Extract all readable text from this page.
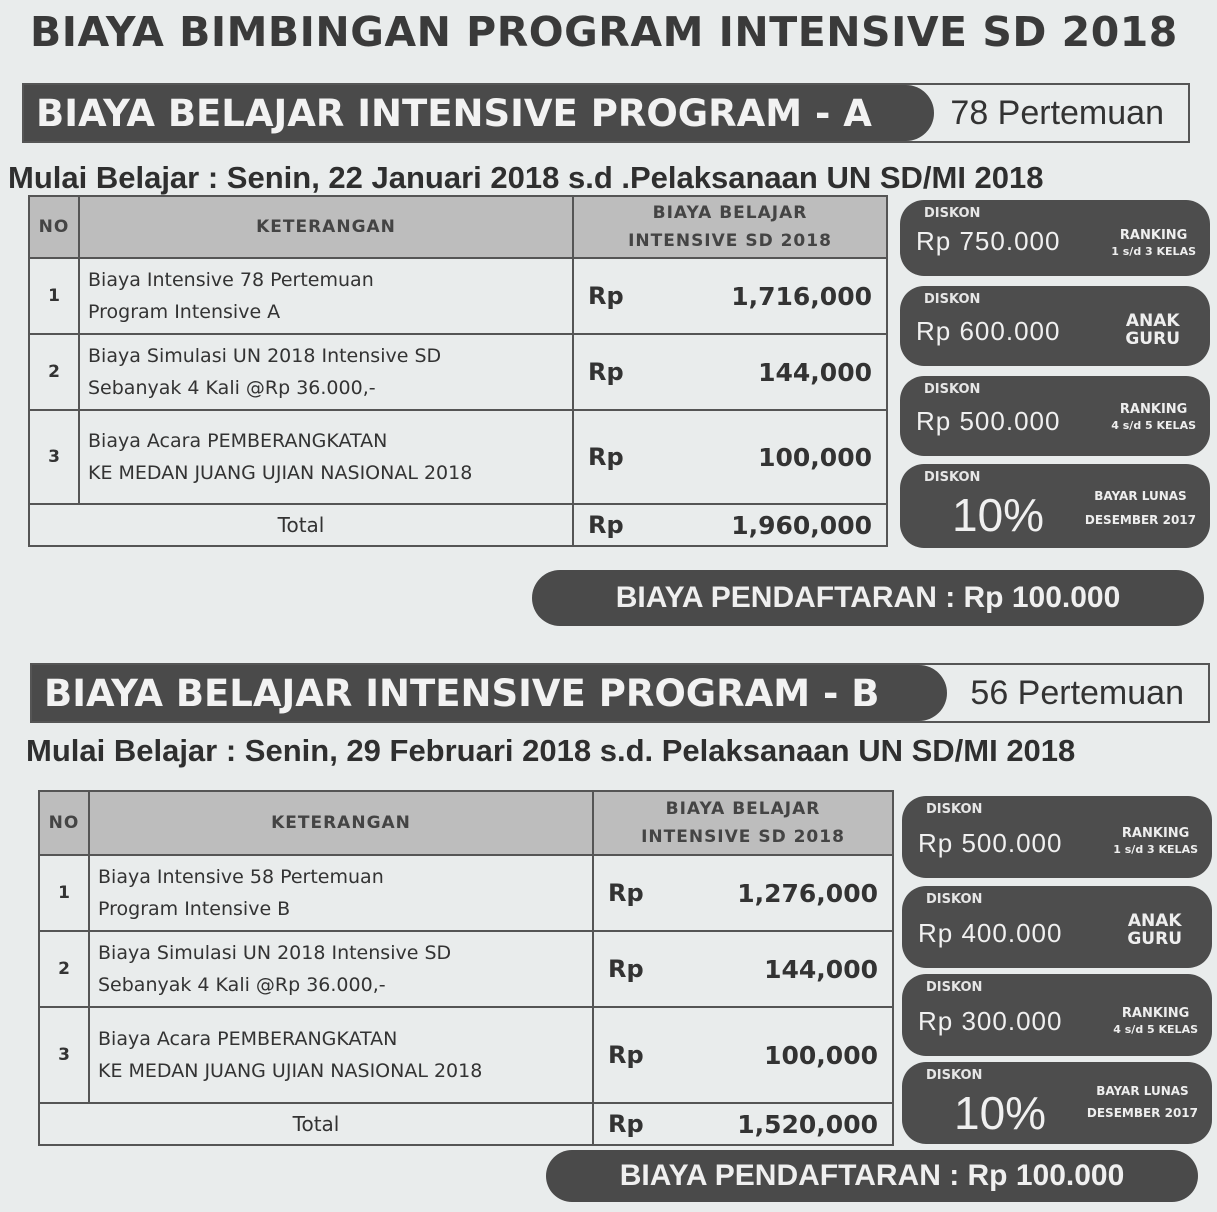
BIAYA BIMBINGAN PROGRAM INTENSIVE SD 2018
BIAYA BELAJAR INTENSIVE PROGRAM - A	78 Pertemuan
Mulai Belajar : Senin, 22 Januari 2018 s.d .Pelaksanaan UN SD/MI 2018
NO	KETERANGAN	BIAYA BELAJAR
INTENSIVE SD 2018	

1	Biaya Intensive 78 Pertemuan
Program Intensive A	Rp	1,716,000
2	Biaya Simulasi UN 2018 Intensive SD
Sebanyak 4 Kali @Rp 36.000,-	Rp	144,000
3	Biaya Acara PEMBERANGKATAN
KE MEDAN JUANG UJIAN NASIONAL 2018	Rp	100,000
Total		Rp	1,960,000
DISKON
Rp 750.000	RANKING
1 s/d 3 KELAS
DISKON
Rp 600.000	ANAK
GURU
DISKON
Rp 500.000	RANKING
4 s/d 5 KELAS
DISKON
10%	BAYAR LUNAS
DESEMBER 2017
BIAYA PENDAFTARAN : Rp 100.000
BIAYA BELAJAR INTENSIVE PROGRAM - B	56 Pertemuan
Mulai Belajar : Senin, 29 Februari 2018 s.d. Pelaksanaan UN SD/MI 2018
NO	KETERANGAN	BIAYA BELAJAR
INTENSIVE SD 2018	

1	Biaya Intensive 58 Pertemuan
Program Intensive B	Rp	1,276,000
2	Biaya Simulasi UN 2018 Intensive SD
Sebanyak 4 Kali @Rp 36.000,-	Rp	144,000
3	Biaya Acara PEMBERANGKATAN
KE MEDAN JUANG UJIAN NASIONAL 2018	Rp	100,000
Total		Rp	1,520,000
DISKON
Rp 500.000	RANKING
1 s/d 3 KELAS
DISKON
Rp 400.000	ANAK
GURU
DISKON
Rp 300.000	RANKING
4 s/d 5 KELAS
DISKON
10%	BAYAR LUNAS
DESEMBER 2017
BIAYA PENDAFTARAN : Rp 100.000
